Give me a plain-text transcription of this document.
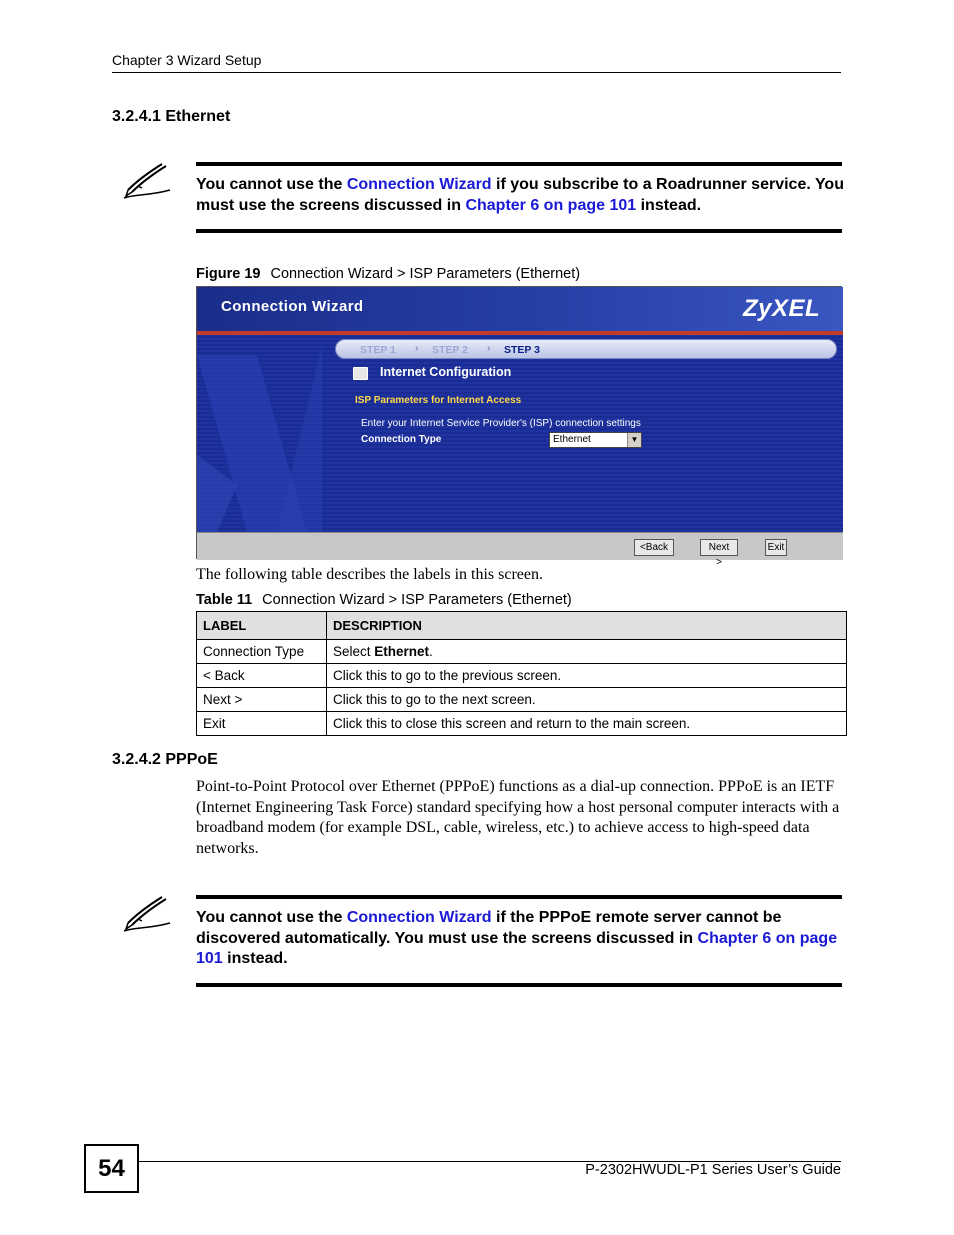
Chapter 3 Wizard Setup
3.2.4.1 Ethernet
You cannot use the Connection Wizard if you subscribe to a Roadrunner service. You must use the screens discussed in Chapter 6 on page 101 instead.
Figure 19 Connection Wizard > ISP Parameters (Ethernet)
Connection Wizard	ZyXEL
STEP 1 › STEP 2 › STEP 3
Internet Configuration
ISP Parameters for Internet Access
Enter your Internet Service Provider's (ISP) connection settings
Connection Type	Ethernet	▼
<Back	Next >
Exit
The following table describes the labels in this screen.
Table 11 Connection Wizard > ISP Parameters (Ethernet)
LABEL	DESCRIPTION
Connection Type	Select Ethernet.
< Back	Click this to go to the previous screen.
Next >	Click this to go to the next screen.
Exit	Click this to close this screen and return to the main screen.
3.2.4.2 PPPoE
Point-to-Point Protocol over Ethernet (PPPoE) functions as a dial-up connection. PPPoE is an IETF (Internet Engineering Task Force) standard specifying how a host personal computer interacts with a broadband modem (for example DSL, cable, wireless, etc.) to achieve access to high-speed data networks.
You cannot use the Connection Wizard if the PPPoE remote server cannot be discovered automatically. You must use the screens discussed in Chapter 6 on page 101 instead.
54	P-2302HWUDL-P1 Series User’s Guide
